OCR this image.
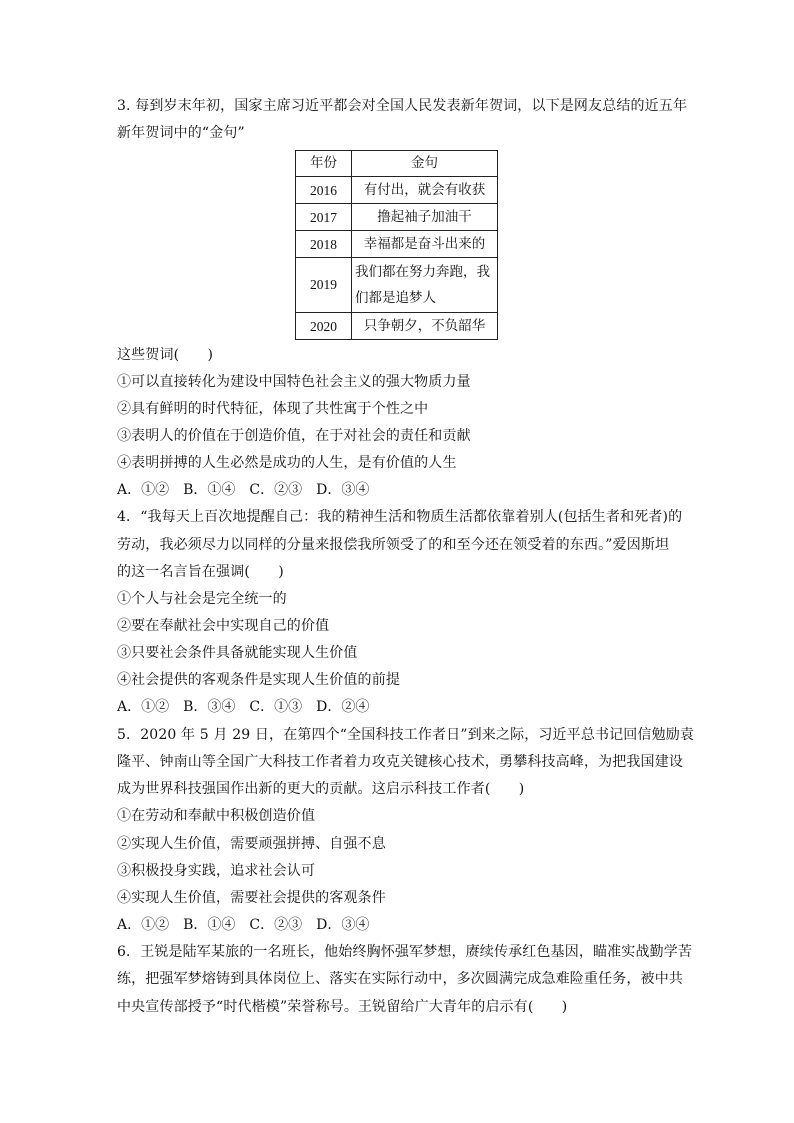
3. 每到岁末年初，国家主席习近平都会对全国人民发表新年贺词，以下是网友总结的近五年
新年贺词中的“金句”
年份	金句
2016	有付出，就会有收获
2017	撸起袖子加油干
2018	幸福都是奋斗出来的
2019	我们都在努力奔跑，我们都是追梦人
2020	只争朝夕，不负韶华
这些贺词(　　)
①可以直接转化为建设中国特色社会主义的强大物质力量
②具有鲜明的时代特征，体现了共性寓于个性之中
③表明人的价值在于创造价值，在于对社会的责任和贡献
④表明拼搏的人生必然是成功的人生，是有价值的人生
A．①②　B．①④　C．②③　D．③④
4．“我每天上百次地提醒自己：我的精神生活和物质生活都依靠着别人(包括生者和死者)的
劳动，我必须尽力以同样的分量来报偿我所领受了的和至今还在领受着的东西。”爱因斯坦
的这一名言旨在强调(　　)
①个人与社会是完全统一的
②要在奉献社会中实现自己的价值
③只要社会条件具备就能实现人生价值
④社会提供的客观条件是实现人生价值的前提
A．①②　B．③④　C．①③　D．②④
5．2020 年 5 月 29 日，在第四个“全国科技工作者日”到来之际，习近平总书记回信勉励袁
隆平、钟南山等全国广大科技工作者着力攻克关键核心技术，勇攀科技高峰，为把我国建设
成为世界科技强国作出新的更大的贡献。这启示科技工作者(　　)
①在劳动和奉献中积极创造价值
②实现人生价值，需要顽强拼搏、自强不息
③积极投身实践，追求社会认可
④实现人生价值，需要社会提供的客观条件
A．①②　B．①④　C．②③　D．③④
6．王锐是陆军某旅的一名班长，他始终胸怀强军梦想，赓续传承红色基因，瞄准实战勤学苦
练，把强军梦熔铸到具体岗位上、落实在实际行动中，多次圆满完成急难险重任务，被中共
中央宣传部授予“时代楷模”荣誉称号。王锐留给广大青年的启示有(　　)
